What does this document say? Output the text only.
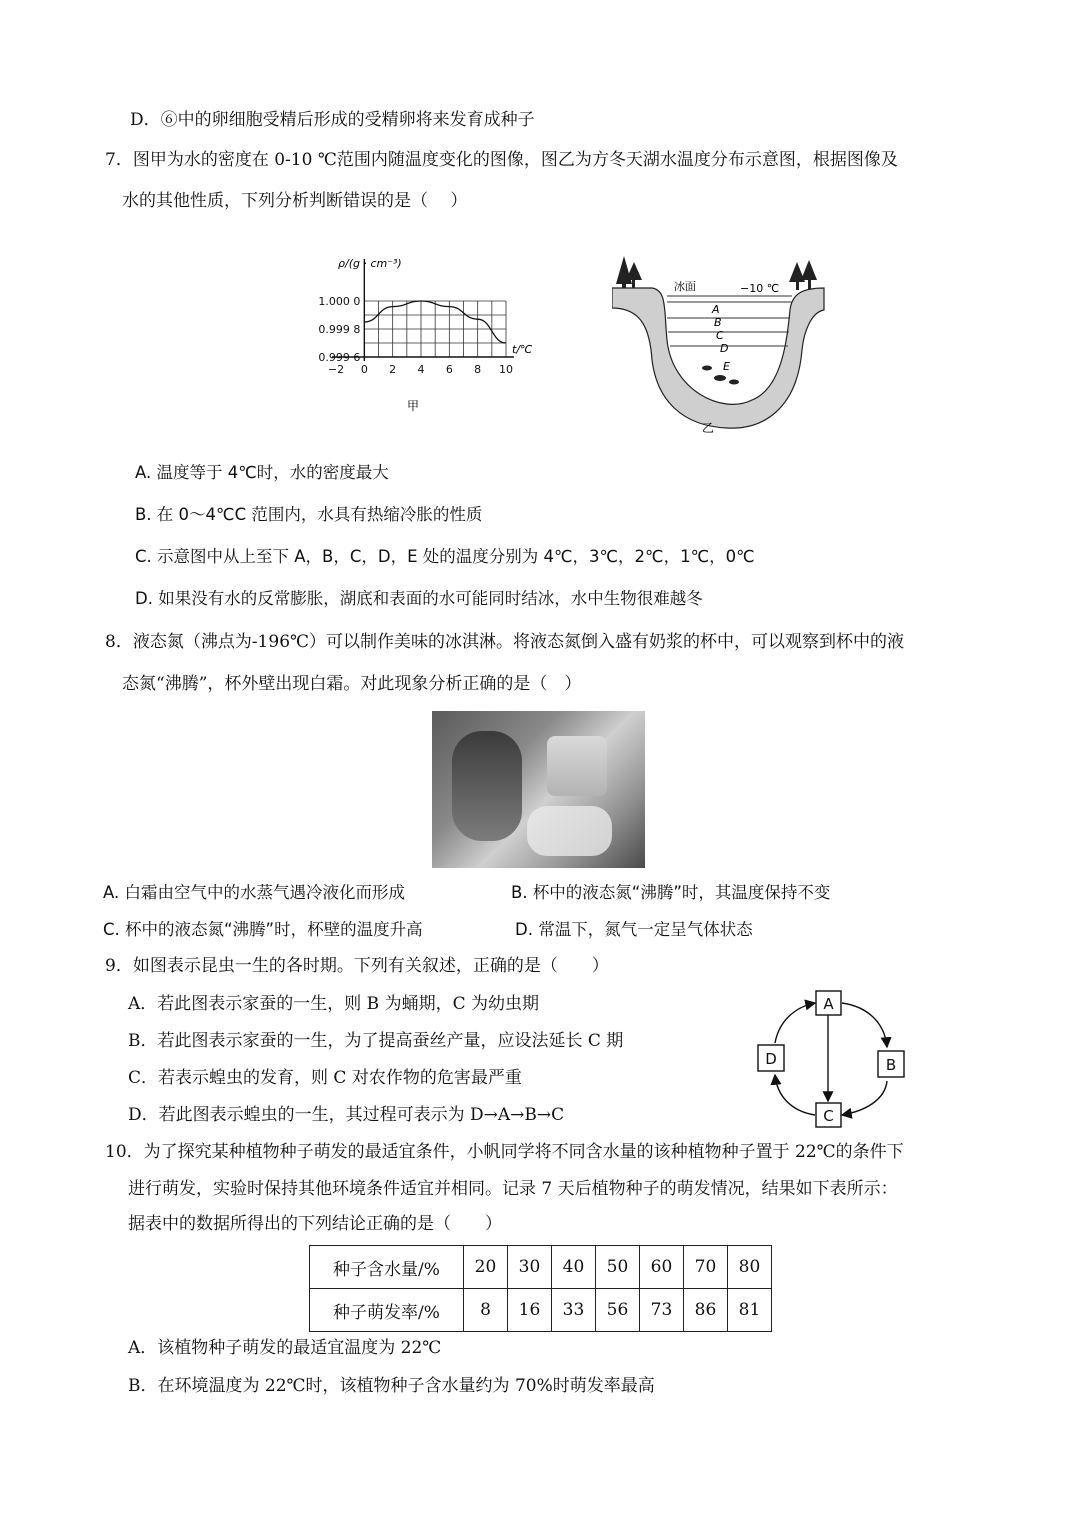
D．⑥中的卵细胞受精后形成的受精卵将来发育成种子
7．图甲为水的密度在 0-10 ℃范围内随温度变化的图像，图乙为方冬天湖水温度分布示意图，根据图像及
水的其他性质，下列分析判断错误的是（　 ）
−2 0 2 4 6 8 10
1.000 0
0.999 8
0.999 6
ρ/(g · cm⁻³)
t/℃
甲
冰面	−10 ℃
A
B
C
D
E
乙
A. 温度等于 4℃时，水的密度最大
B. 在 0～4℃C 范围内，水具有热缩冷胀的性质
C. 示意图中从上至下 A，B，C，D，E 处的温度分别为 4℃，3℃，2℃，1℃，0℃
D. 如果没有水的反常膨胀，湖底和表面的水可能同时结冰，水中生物很难越冬
8．液态氮（沸点为-196℃）可以制作美味的冰淇淋。将液态氮倒入盛有奶浆的杯中，可以观察到杯中的液
态氮“沸腾”，杯外壁出现白霜。对此现象分析正确的是（　）
A. 白霜由空气中的水蒸气遇冷液化而形成	B. 杯中的液态氮“沸腾”时，其温度保持不变
C. 杯中的液态氮“沸腾”时，杯壁的温度升高	D. 常温下，氮气一定呈气体状态
9．如图表示昆虫一生的各时期。下列有关叙述，正确的是（　　）
A．若此图表示家蚕的一生，则 B 为蛹期，C 为幼虫期
B．若此图表示家蚕的一生，为了提高蚕丝产量，应设法延长 C 期
C．若表示蝗虫的发育，则 C 对农作物的危害最严重
D．若此图表示蝗虫的一生，其过程可表示为 D→A→B→C
A
B
C
D
10．为了探究某种植物种子萌发的最适宜条件，小帆同学将不同含水量的该种植物种子置于 22℃的条件下
进行萌发，实验时保持其他环境条件适宜并相同。记录 7 天后植物种子的萌发情况，结果如下表所示：
据表中的数据所得出的下列结论正确的是（　　）
种子含水量/%	20	30	40	50	60	70	80
种子萌发率/%	8	16	33	56	73	86	81
A．该植物种子萌发的最适宜温度为 22℃
B．在环境温度为 22℃时，该植物种子含水量约为 70%时萌发率最高
